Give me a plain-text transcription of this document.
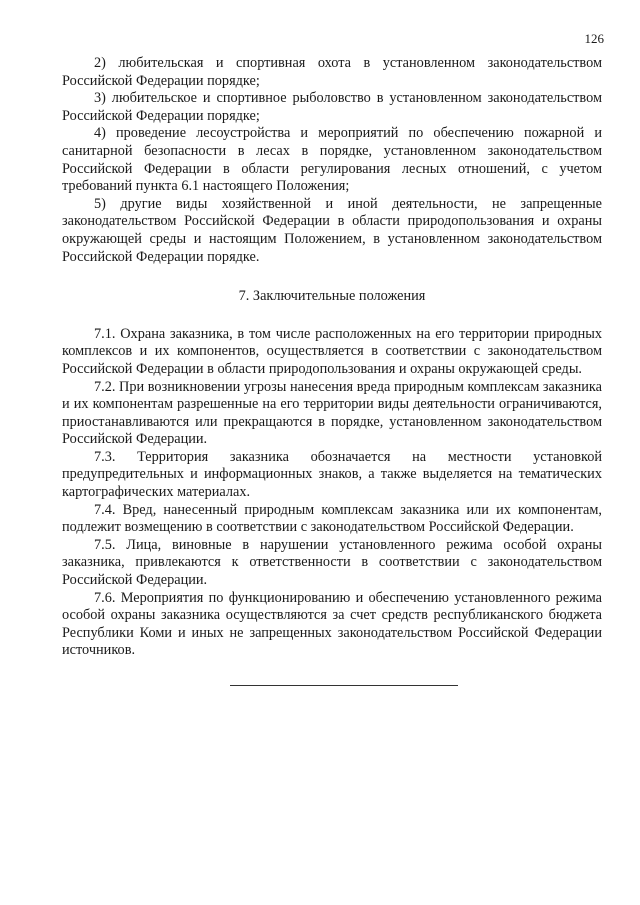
126

2) любительская и спортивная охота в установленном законодательством Российской Федерации порядке;

3) любительское и спортивное рыболовство в установленном законодательством Российской Федерации порядке;

4) проведение лесоустройства и мероприятий по обеспечению пожарной и санитарной безопасности в лесах в порядке, установленном законодательством Российской Федерации в области регулирования лесных отношений, с учетом требований пункта 6.1 настоящего Положения;

5) другие виды хозяйственной и иной деятельности, не запрещенные законодательством Российской Федерации в области природопользования и охраны окружающей среды и настоящим Положением, в установленном законодательством Российской Федерации порядке.

7. Заключительные положения

7.1. Охрана заказника, в том числе расположенных на его территории природных комплексов и их компонентов, осуществляется в соответствии с законодательством Российской Федерации в области природопользования и охраны окружающей среды.

7.2. При возникновении угрозы нанесения вреда природным комплексам заказника и их компонентам разрешенные на его территории виды деятельности ограничиваются, приостанавливаются или прекращаются в порядке, установленном законодательством Российской Федерации.

7.3. Территория заказника обозначается на местности установкой предупредительных и информационных знаков, а также выделяется на тематических картографических материалах.

7.4. Вред, нанесенный природным комплексам заказника или их компонентам, подлежит возмещению в соответствии с законодательством Российской Федерации.

7.5. Лица, виновные в нарушении установленного режима особой охраны заказника, привлекаются к ответственности в соответствии с законодательством Российской Федерации.

7.6. Мероприятия по функционированию и обеспечению установленного режима особой охраны заказника осуществляются за счет средств республиканского бюджета Республики Коми и иных не запрещенных законодательством Российской Федерации источников.
